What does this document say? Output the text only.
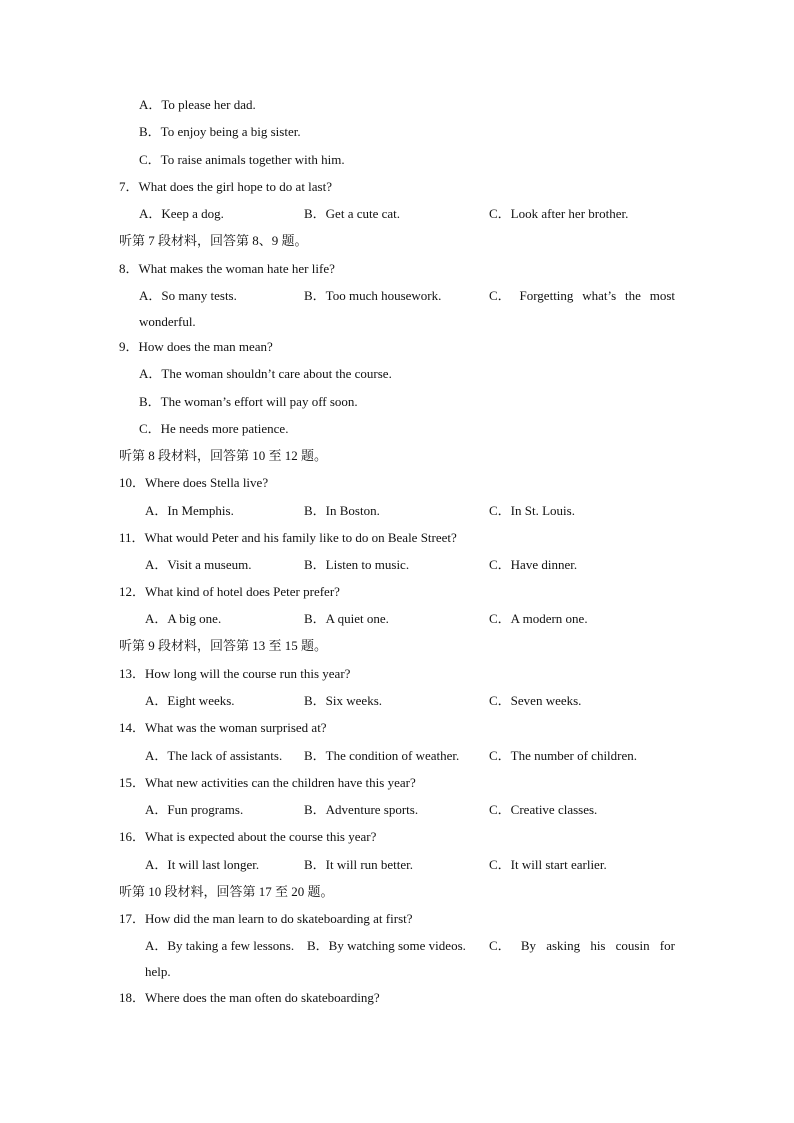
A．To please her dad.
B．To enjoy being a big sister.
C．To raise animals together with him.
7．What does the girl hope to do at last?
A．Keep a dog.	B．Get a cute cat.	C．Look after her brother.
听第 7 段材料，回答第 8、9 题。
8．What makes the woman hate her life?
A．So many tests.	B．Too much housework.	C． Forgetting what’s the most
wonderful.
9．How does the man mean?
A．The woman shouldn’t care about the course.
B．The woman’s effort will pay off soon.
C．He needs more patience.
听第 8 段材料，回答第 10 至 12 题。
10．Where does Stella live?
A．In Memphis.	B．In Boston.	C．In St. Louis.
11．What would Peter and his family like to do on Beale Street?
A．Visit a museum.	B．Listen to music.	C．Have dinner.
12．What kind of hotel does Peter prefer?
A．A big one.	B．A quiet one.	C．A modern one.
听第 9 段材料，回答第 13 至 15 题。
13．How long will the course run this year?
A．Eight weeks.	B．Six weeks.	C．Seven weeks.
14．What was the woman surprised at?
A．The lack of assistants. B．The condition of weather. C．The number of children.
15．What new activities can the children have this year?
A．Fun programs.	B．Adventure sports.	C．Creative classes.
16．What is expected about the course this year?
A．It will last longer.	B．It will run better.	C．It will start earlier.
听第 10 段材料，回答第 17 至 20 题。
17．How did the man learn to do skateboarding at first?
A．By taking a few lessons. B．By watching some videos. C． By asking his cousin for
help.
18．Where does the man often do skateboarding?
